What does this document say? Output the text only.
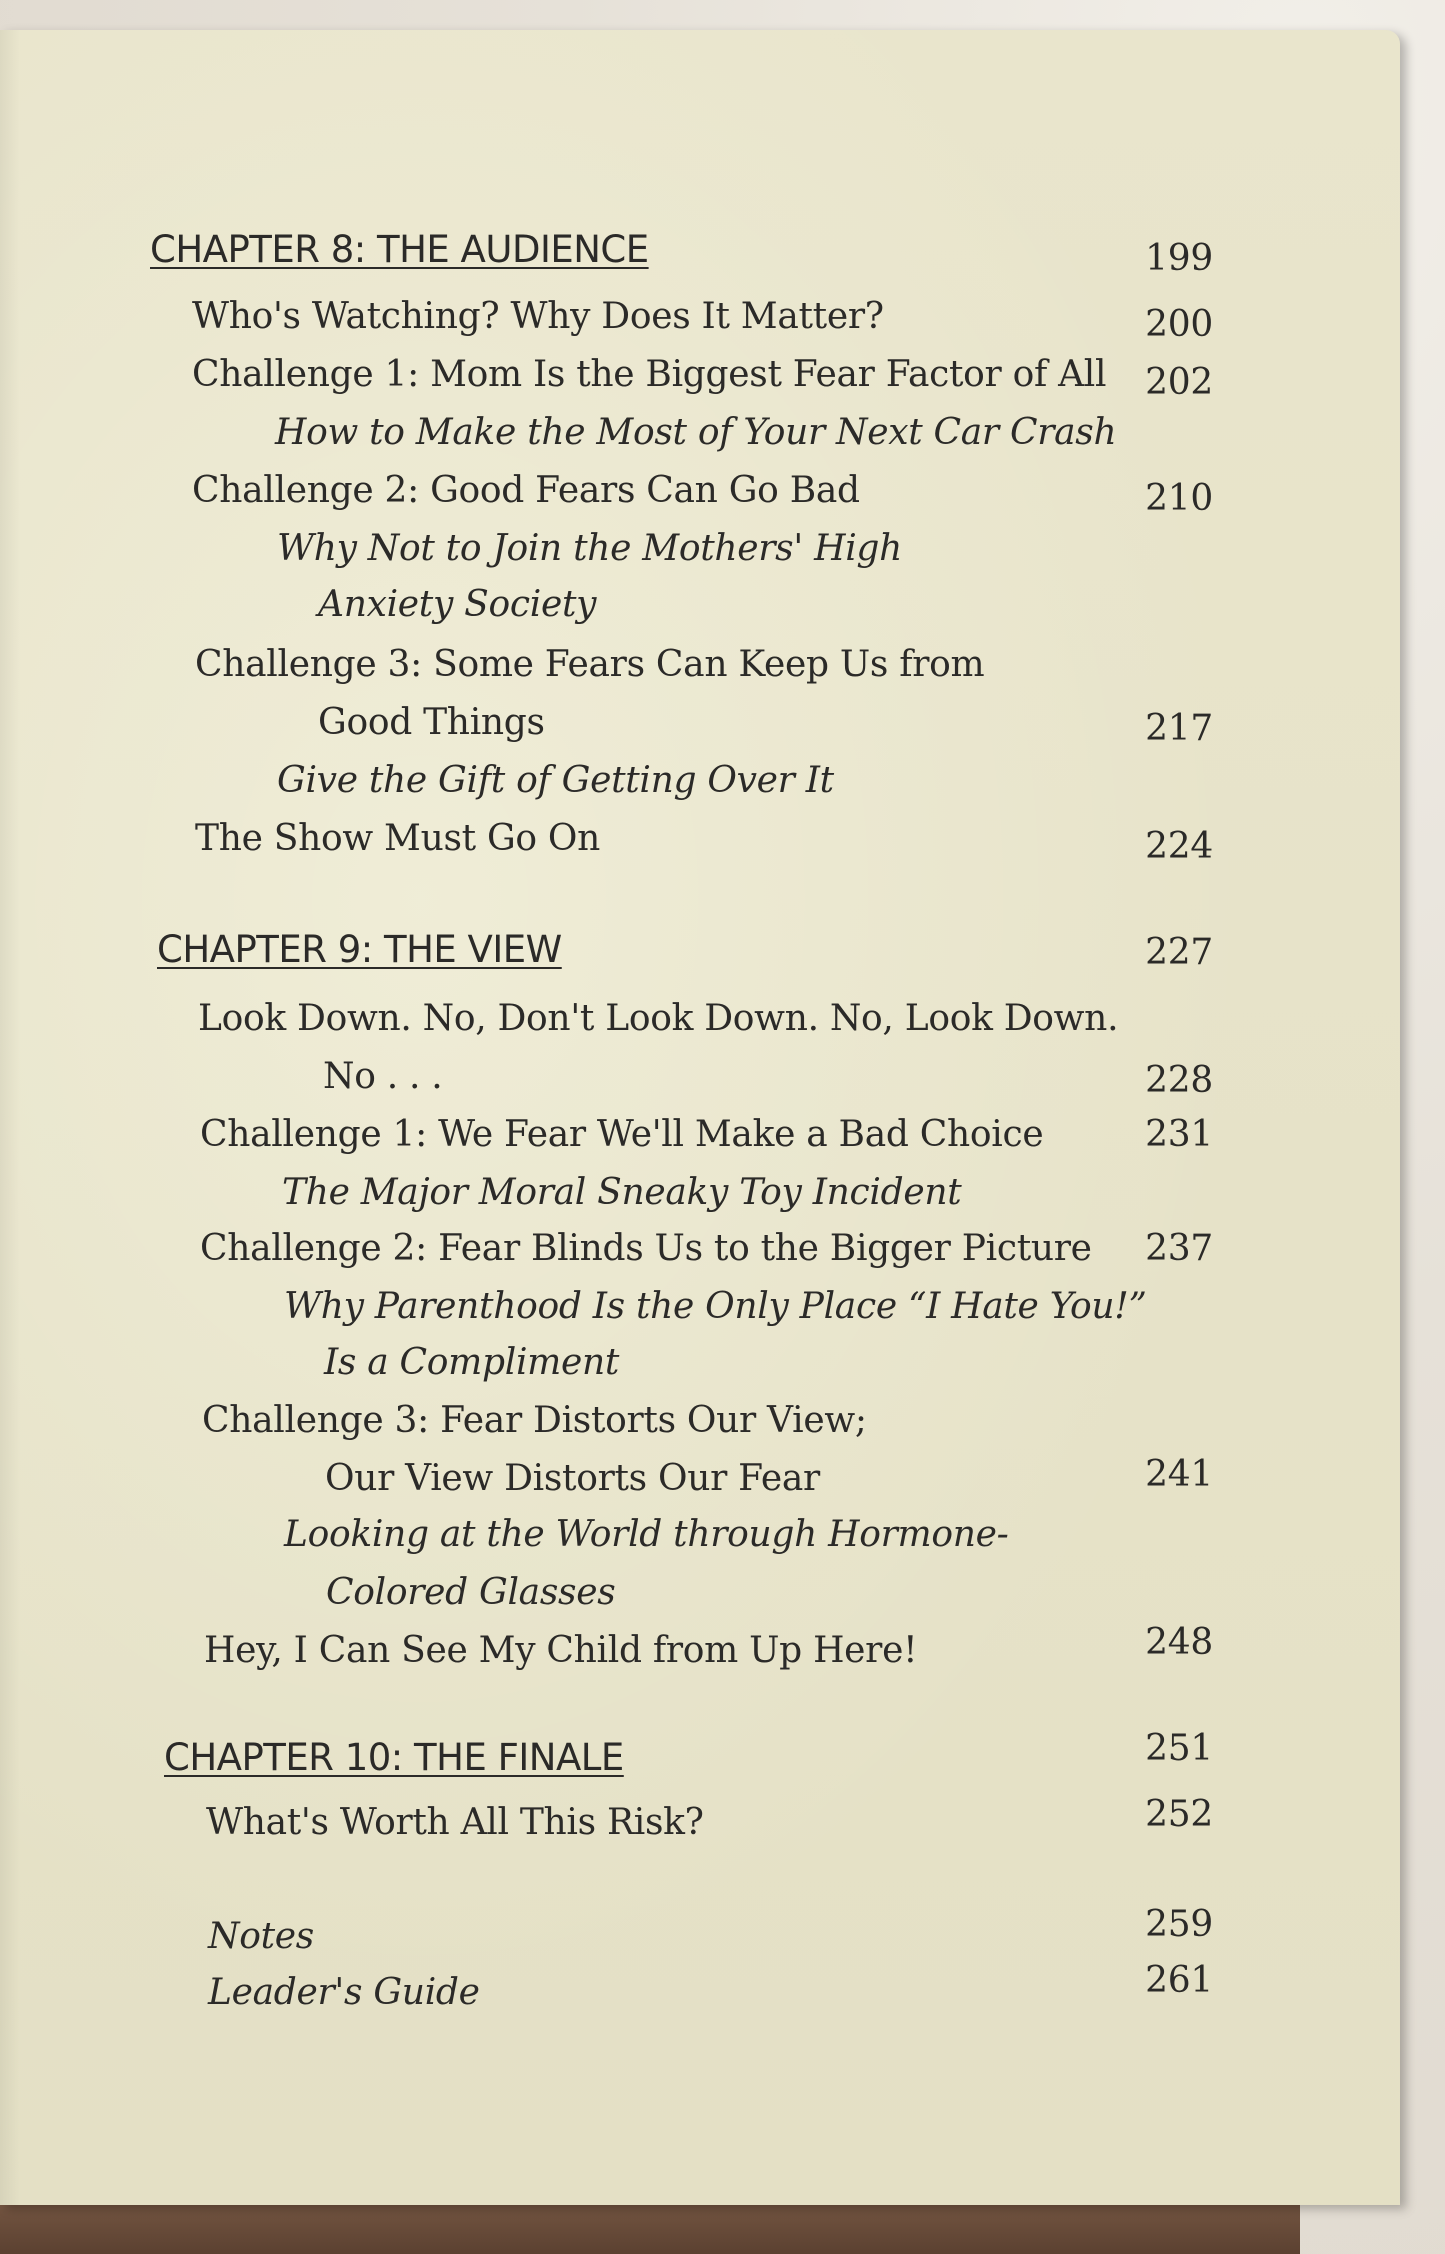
CHAPTER 8: THE AUDIENCE	199
Who's Watching? Why Does It Matter?	200
Challenge 1: Mom Is the Biggest Fear Factor of All	202
How to Make the Most of Your Next Car Crash
Challenge 2: Good Fears Can Go Bad	210
Why Not to Join the Mothers' High
Anxiety Society
Challenge 3: Some Fears Can Keep Us from
Good Things	217
Give the Gift of Getting Over It
The Show Must Go On	224
CHAPTER 9: THE VIEW	227
Look Down. No, Don't Look Down. No, Look Down.
No . . .	228
Challenge 1: We Fear We'll Make a Bad Choice	231
The Major Moral Sneaky Toy Incident
Challenge 2: Fear Blinds Us to the Bigger Picture	237
Why Parenthood Is the Only Place “I Hate You!”
Is a Compliment
Challenge 3: Fear Distorts Our View;
Our View Distorts Our Fear	241
Looking at the World through Hormone-
Colored Glasses
Hey, I Can See My Child from Up Here!	248
CHAPTER 10: THE FINALE	251
What's Worth All This Risk?	252
Notes	259
Leader's Guide	261
